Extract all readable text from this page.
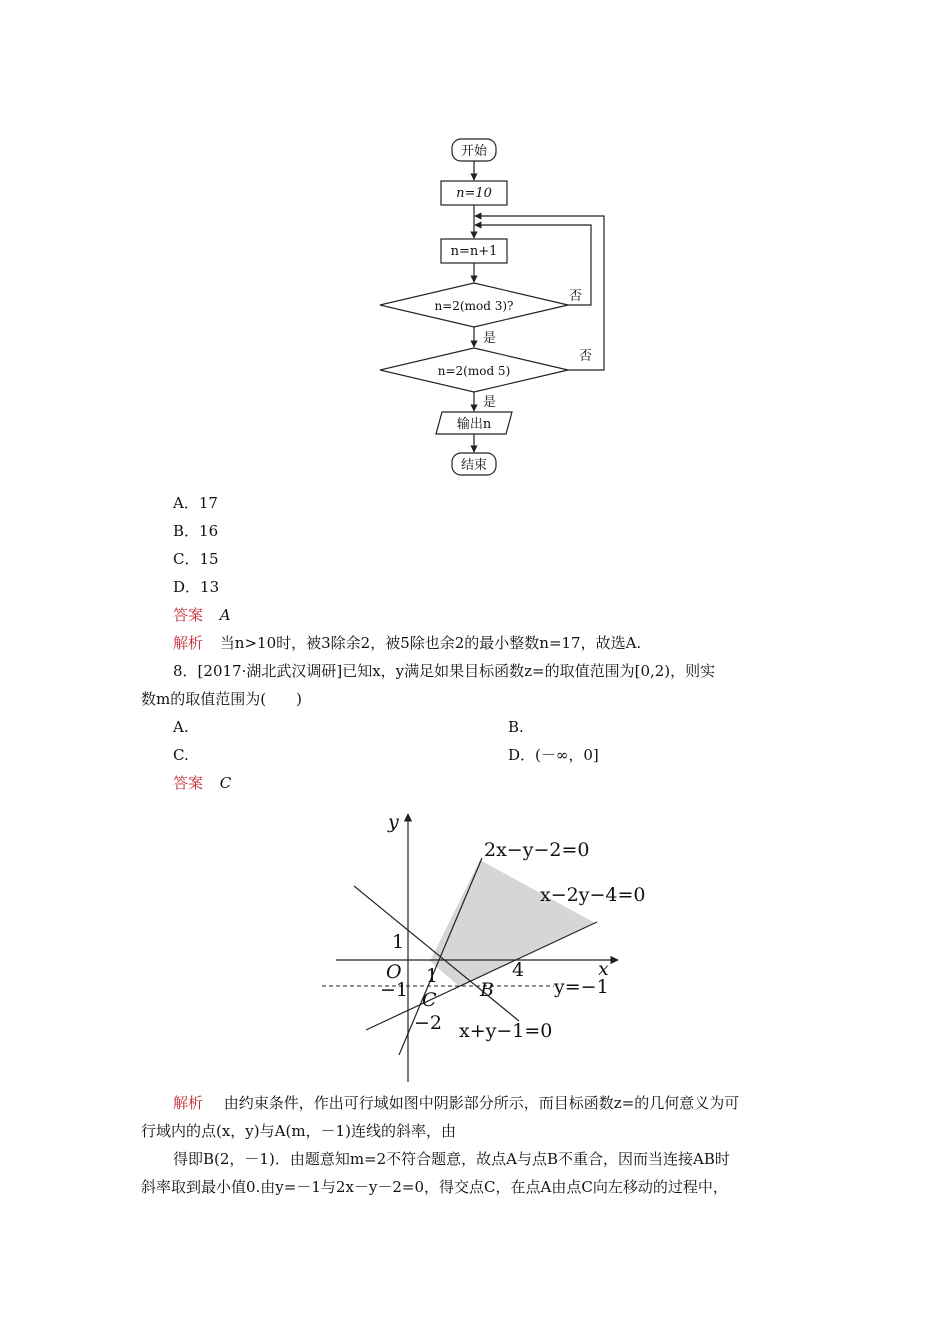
开始
n=10
n=n+1
n=2(mod 3)?
n=2(mod 5)
输出n
结束
是
是
否
否
A．17
B．16
C．15
D．13
答案 A
解析 当n>10时，被3除余2，被5除也余2的最小整数n=17，故选A.
8．[2017·湖北武汉调研]已知x，y满足如果目标函数z=的取值范围为[0,2)，则实
数m的取值范围为(　　)
A.	B.
C.	D．(－∞，0]
答案 C
y
x
O
1
1	4
−1
−2
B
C
2x−y−2=0
x−2y−4=0
y=−1
x+y−1=0
解析 由约束条件，作出可行域如图中阴影部分所示，而目标函数z=的几何意义为可
行域内的点(x，y)与A(m，－1)连线的斜率，由
得即B(2，－1)．由题意知m=2不符合题意，故点A与点B不重合，因而当连接AB时
斜率取到最小值0.由y=－1与2x－y－2=0，得交点C，在点A由点C向左移动的过程中，
